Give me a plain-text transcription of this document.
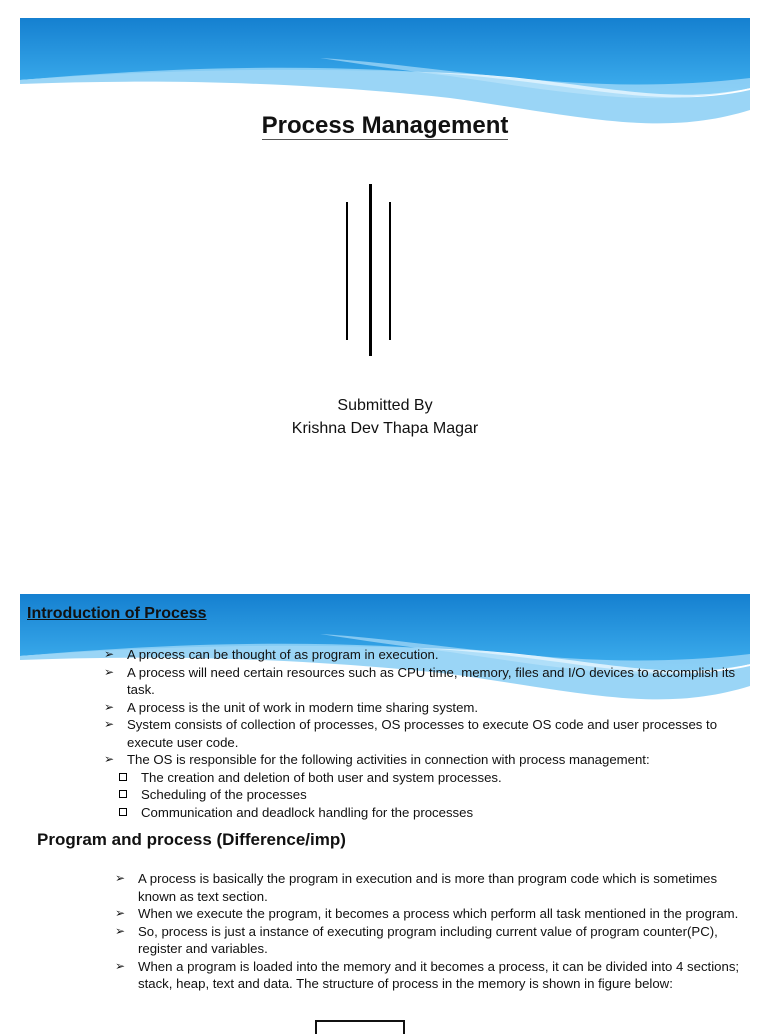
Process Management
Submitted By
Krishna Dev Thapa Magar
Introduction of Process
➢ A process can be thought of as program in execution.
➢ A process will need certain resources such as CPU time, memory, files and I/O devices to accomplish its task.
➢ A process is the unit of work in modern time sharing system.
➢ System consists of collection of processes, OS processes to execute OS code and user processes to execute user code.
➢ The OS is responsible for the following activities in connection with process management:
The creation and deletion of both user and system processes.
Scheduling of the processes
Communication and deadlock handling for the processes
Program and process (Difference/imp)
➢ A process is basically the program in execution and is more than program code which is sometimes known as text section.
➢ When we execute the program, it becomes a process which perform all task mentioned in the program.
➢ So, process is just a instance of executing program including current value of program counter(PC), register and variables.
➢ When a program is loaded into the memory and it becomes a process, it can be divided into 4 sections; stack, heap, text and data. The structure of process in the memory is shown in figure below:
